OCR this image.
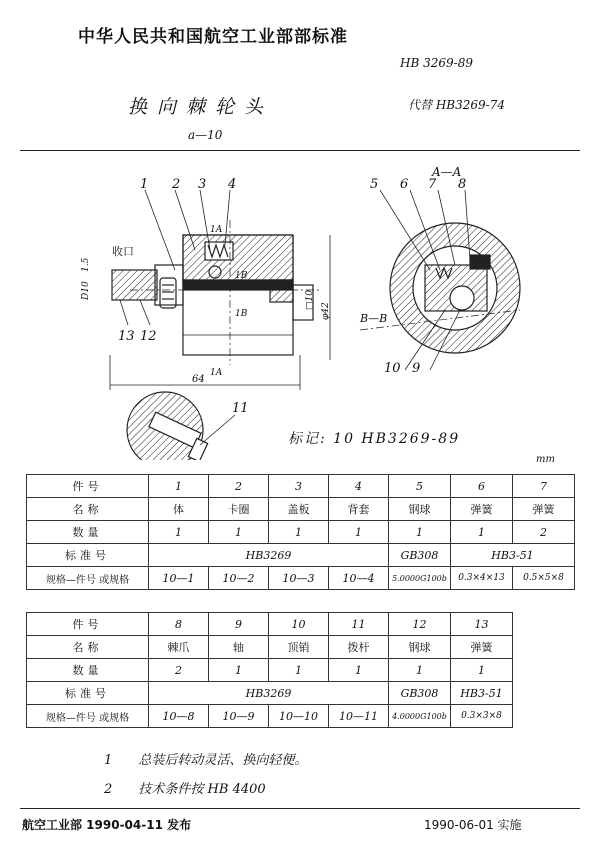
中华人民共和国航空工业部部标准
HB 3269-89
换向棘轮头	代替 HB3269-74
a—10
1 2 3 4
A—A
5 6 7 8
收口
D10
1.5
13 12
1A
1A
1B
1B
□10
φ42
64
B—B
10 9
11
标记: 10 HB3269-89
mm
件号	1	2	3	4	5	6	7
名称	体	卡圈	盖板	背套	钢球	弹簧	弹簧
数量	1	1	1	1	1	1	2
标准号	HB3269				GB308	HB3-51	
规格—件号 或规格	10—1	10—2	10—3	10—4	5.0000G100b	0.3×4×13	0.5×5×8
件号	8	9	10	11	12	13
名称	棘爪	轴	顶销	拨杆	钢球	弹簧
数量	2	1	1	1	1	1
标准号	HB3269				GB308	HB3-51
规格—件号 或规格	10—8	10—9	10—10	10—11	4.0000G100b	0.3×3×8
1 总装后转动灵活、换向轻便。
2 技术条件按 HB 4400
航空工业部 1990-04-11 发布	1990-06-01 实施
